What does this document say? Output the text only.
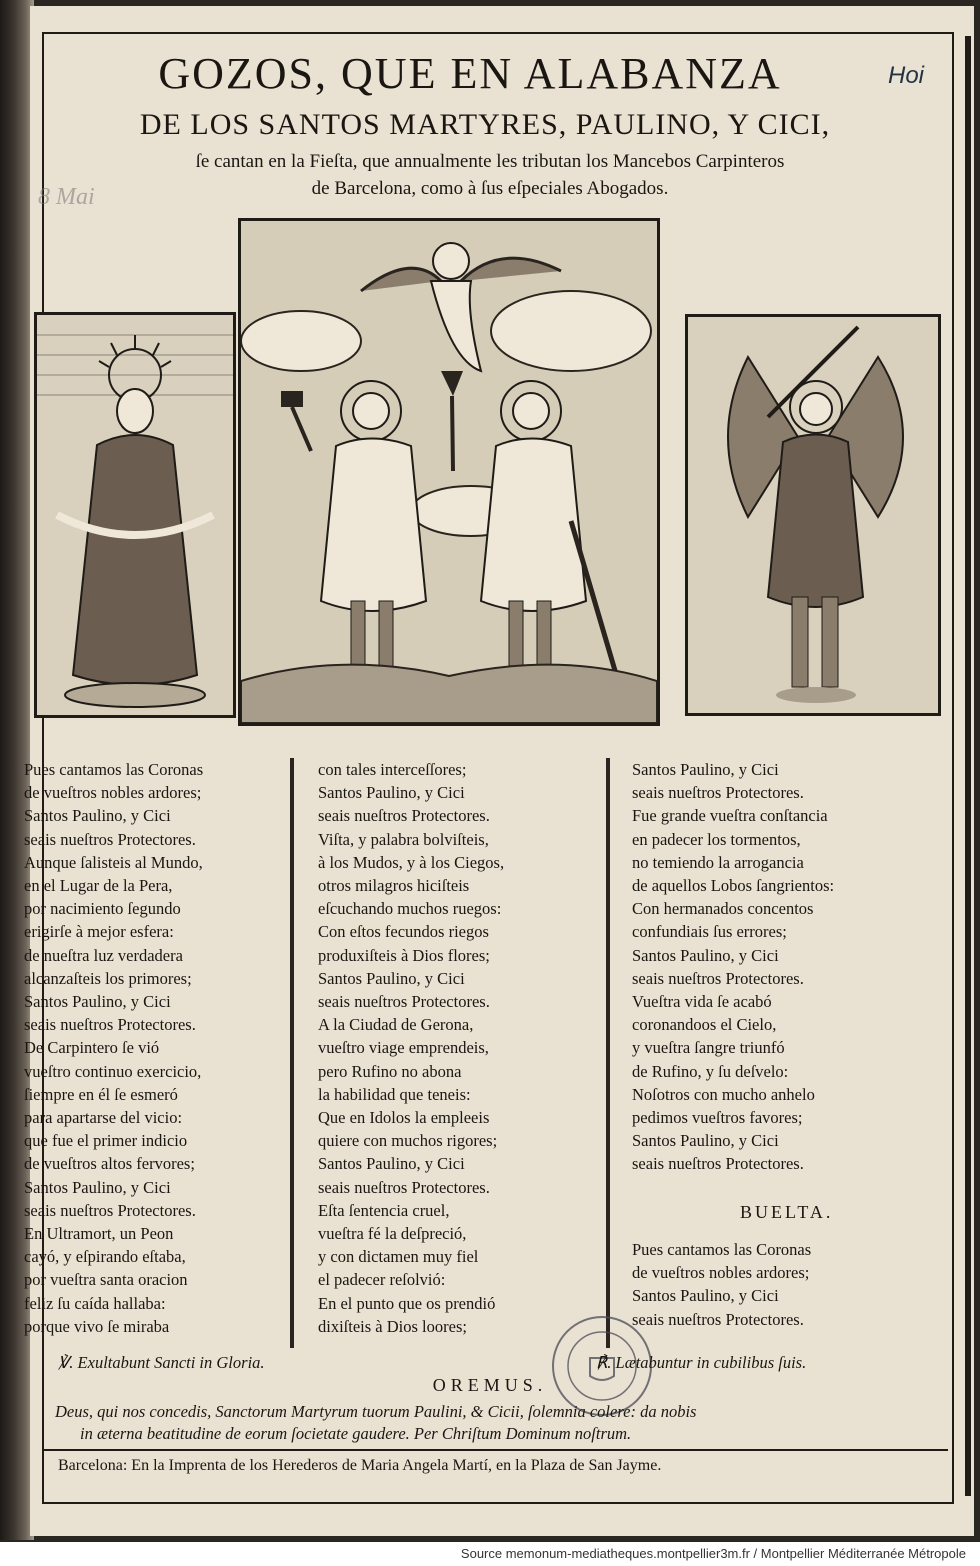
GOZOS, QUE EN ALABANZA
DE LOS SANTOS MARTYRES, PAULINO, Y CICI,
ſe cantan en la Fieſta, que annualmente les tributan los Mancebos Carpinteros
de Barcelona, como à ſus eſpeciales Abogados.
8 Mai
Hoi
Pues cantamos las Coronas
de vueſtros nobles ardores;
Santos Paulino, y Cici
seais nueſtros Protectores.
Aunque ſalisteis al Mundo,
en el Lugar de la Pera,
por nacimiento ſegundo
erigirſe à mejor esfera:
de nueſtra luz verdadera
alcanzaſteis los primores;
Santos Paulino, y Cici
seais nueſtros Protectores.
De Carpintero ſe vió
vueſtro continuo exercicio,
ſiempre en él ſe esmeró
para apartarse del vicio:
que fue el primer indicio
de vueſtros altos fervores;
Santos Paulino, y Cici
seais nueſtros Protectores.
En Ultramort, un Peon
cayó, y eſpirando eſtaba,
por vueſtra santa oracion
feliz ſu caída hallaba:
porque vivo ſe miraba
con tales interceſſores;
Santos Paulino, y Cici
seais nueſtros Protectores.
Viſta, y palabra bolviſteis,
à los Mudos, y à los Ciegos,
otros milagros hiciſteis
eſcuchando muchos ruegos:
Con eſtos fecundos riegos
produxiſteis à Dios flores;
Santos Paulino, y Cici
seais nueſtros Protectores.
A la Ciudad de Gerona,
vueſtro viage emprendeis,
pero Rufino no abona
la habilidad que teneis:
Que en Idolos la empleeis
quiere con muchos rigores;
Santos Paulino, y Cici
seais nueſtros Protectores.
Eſta ſentencia cruel,
vueſtra fé la deſpreció,
y con dictamen muy fiel
el padecer reſolvió:
En el punto que os prendió
dixiſteis à Dios loores;
Santos Paulino, y Cici
seais nueſtros Protectores.
Fue grande vueſtra conſtancia
en padecer los tormentos,
no temiendo la arrogancia
de aquellos Lobos ſangrientos:
Con hermanados concentos
confundiais ſus errores;
Santos Paulino, y Cici
seais nueſtros Protectores.
Vueſtra vida ſe acabó
coronandoos el Cielo,
y vueſtra ſangre triunfó
de Rufino, y ſu deſvelo:
Noſotros con mucho anhelo
pedimos vueſtros favores;
Santos Paulino, y Cici
seais nueſtros Protectores.
BUELTA.
Pues cantamos las Coronas
de vueſtros nobles ardores;
Santos Paulino, y Cici
seais nueſtros Protectores.
℣. Exultabunt Sancti in Gloria.	℟. Lætabuntur in cubilibus ſuis.
OREMUS.
Deus, qui nos concedis, Sanctorum Martyrum tuorum Paulini, & Cicii, ſolemnia colere: da nobis
in æterna beatitudine de eorum ſocietate gaudere. Per Chriſtum Dominum noſtrum.
Barcelona: En la Imprenta de los Herederos de Maria Angela Martí, en la Plaza de San Jayme.
Source memonum-mediatheques.montpellier3m.fr / Montpellier Méditerranée Métropole
